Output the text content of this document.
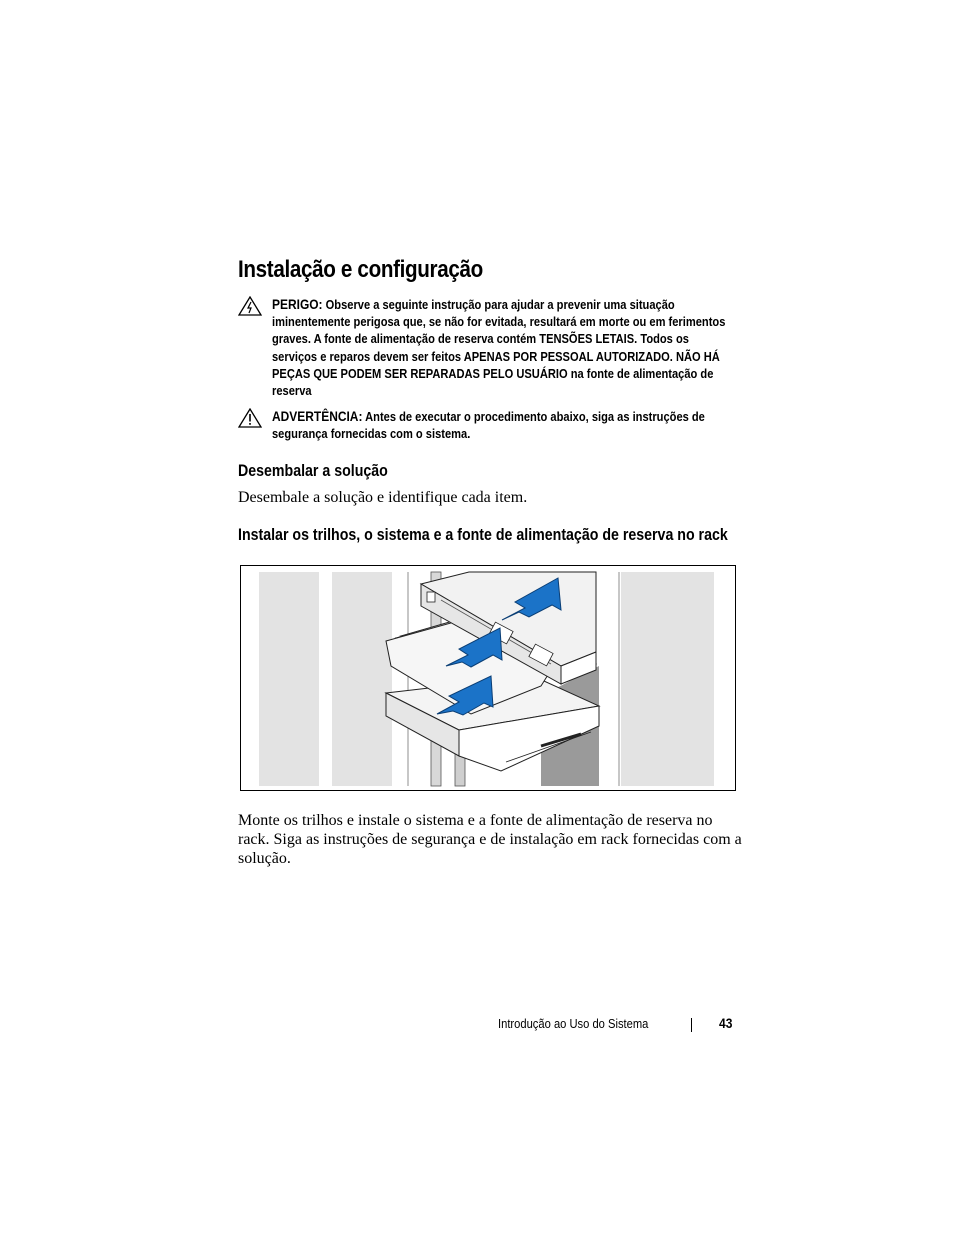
Instalação e configuração
PERIGO: Observe a seguinte instrução para ajudar a prevenir uma situação iminentemente perigosa que, se não for evitada, resultará em morte ou em ferimentos graves. A fonte de alimentação de reserva contém TENSÕES LETAIS. Todos os serviços e reparos devem ser feitos APENAS POR PESSOAL AUTORIZADO. NÃO HÁ PEÇAS QUE PODEM SER REPARADAS PELO USUÁRIO na fonte de alimentação de reserva
ADVERTÊNCIA: Antes de executar o procedimento abaixo, siga as instruções de segurança fornecidas com o sistema.
Desembalar a solução
Desembale a solução e identifique cada item.
Instalar os trilhos, o sistema e a fonte de alimentação de reserva no rack
Monte os trilhos e instale o sistema e a fonte de alimentação de reserva no rack. Siga as instruções de segurança e de instalação em rack fornecidas com a solução.
Introdução ao Uso do Sistema	43
